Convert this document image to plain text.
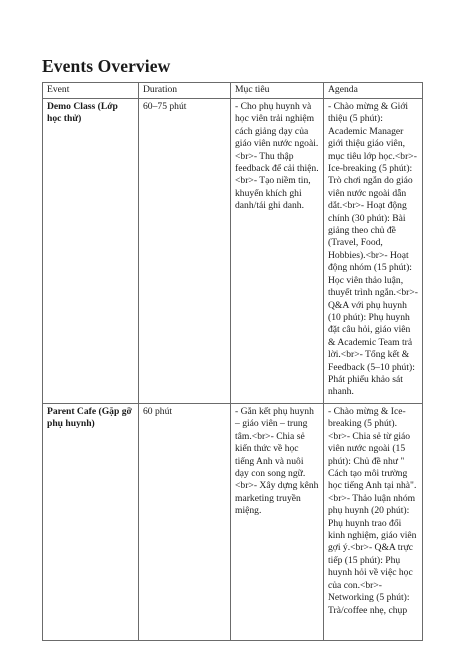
Events Overview
Event	Duration	Mục tiêu	Agenda
Demo Class (Lớp học thử)	60–75 phút	- Cho phụ huynh và học viên trải nghiệm cách giảng dạy của giáo viên nước ngoài.<br>- Thu thập feedback để cải thiện.<br>- Tạo niềm tin, khuyến khích ghi danh/tái ghi danh.	- Chào mừng & Giới thiệu (5 phút): Academic Manager giới thiệu giáo viên, mục tiêu lớp học.<br>- Ice-breaking (5 phút): Trò chơi ngắn do giáo viên nước ngoài dẫn dắt.<br>- Hoạt động chính (30 phút): Bài giảng theo chủ đề (Travel, Food, Hobbies).<br>- Hoạt động nhóm (15 phút): Học viên thảo luận, thuyết trình ngắn.<br>- Q&A với phụ huynh (10 phút): Phụ huynh đặt câu hỏi, giáo viên & Academic Team trả lời.<br>- Tổng kết & Feedback (5–10 phút): Phát phiếu khảo sát nhanh.
Parent Cafe (Gặp gỡ phụ huynh)	60 phút	- Gắn kết phụ huynh – giáo viên – trung tâm.<br>- Chia sẻ kiến thức về học tiếng Anh và nuôi dạy con song ngữ.<br>- Xây dựng kênh marketing truyền miệng.	- Chào mừng & Ice-breaking (5 phút).<br>- Chia sẻ từ giáo viên nước ngoài (15 phút): Chủ đề như " Cách tạo môi trường học tiếng Anh tại nhà".<br>- Thảo luận nhóm phụ huynh (20 phút): Phụ huynh trao đổi kinh nghiệm, giáo viên gợi ý.<br>- Q&A trực tiếp (15 phút): Phụ huynh hỏi về việc học của con.<br>- Networking (5 phút): Trà/coffee nhẹ, chụp
